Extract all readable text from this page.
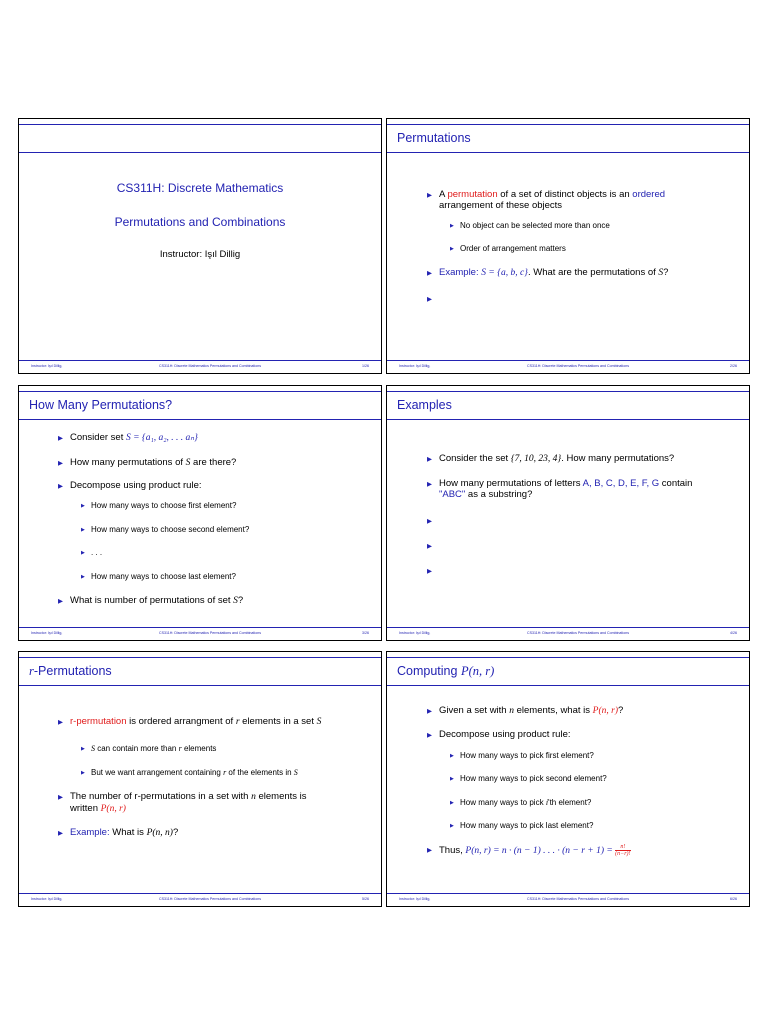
CS311H: Discrete Mathematics
Permutations and Combinations
Instructor: Işıl Dillig
Instructor: Işıl Dillig,	CS311H: Discrete Mathematics Permutations and Combinations	1/26
Permutations
▶ A permutation of a set of distinct objects is an ordered
arrangement of these objects
▶ No object can be selected more than once
▶ Order of arrangement matters
▶ Example: S = {a, b, c}. What are the permutations of S?
Instructor: Işıl Dillig,	CS311H: Discrete Mathematics Permutations and Combinations	2/26
How Many Permutations?
▶ Consider set S = {a₁, a₂, . . . aₙ}
▶ How many permutations of S are there?
▶ Decompose using product rule:
▶ How many ways to choose first element?
▶ How many ways to choose second element?
▶ . . .
▶ How many ways to choose last element?
▶ What is number of permutations of set S?
Instructor: Işıl Dillig,	CS311H: Discrete Mathematics Permutations and Combinations	3/26
Examples
▶ Consider the set {7, 10, 23, 4}. How many permutations?
▶ How many permutations of letters A, B, C, D, E, F, G contain
"ABC" as a substring?
Instructor: Işıl Dillig,	CS311H: Discrete Mathematics Permutations and Combinations	4/26
r-Permutations
▶ r-permutation is ordered arrangment of r elements in a set S
▶ S can contain more than r elements
▶ But we want arrangement containing r of the elements in S
▶ The number of r-permutations in a set with n elements is
written P(n, r)
▶ Example: What is P(n, n)?
Instructor: Işıl Dillig,	CS311H: Discrete Mathematics Permutations and Combinations	5/26
Computing P(n, r)
▶ Given a set with n elements, what is P(n, r)?
▶ Decompose using product rule:
▶ How many ways to pick first element?
▶ How many ways to pick second element?
▶ How many ways to pick i'th element?
▶ How many ways to pick last element?
▶ Thus, P(n, r) = n · (n − 1) . . . · $(n - r + 1) = \frac{n!}{(n-r)!}$
Instructor: Işıl Dillig,	CS311H: Discrete Mathematics Permutations and Combinations	6/26
